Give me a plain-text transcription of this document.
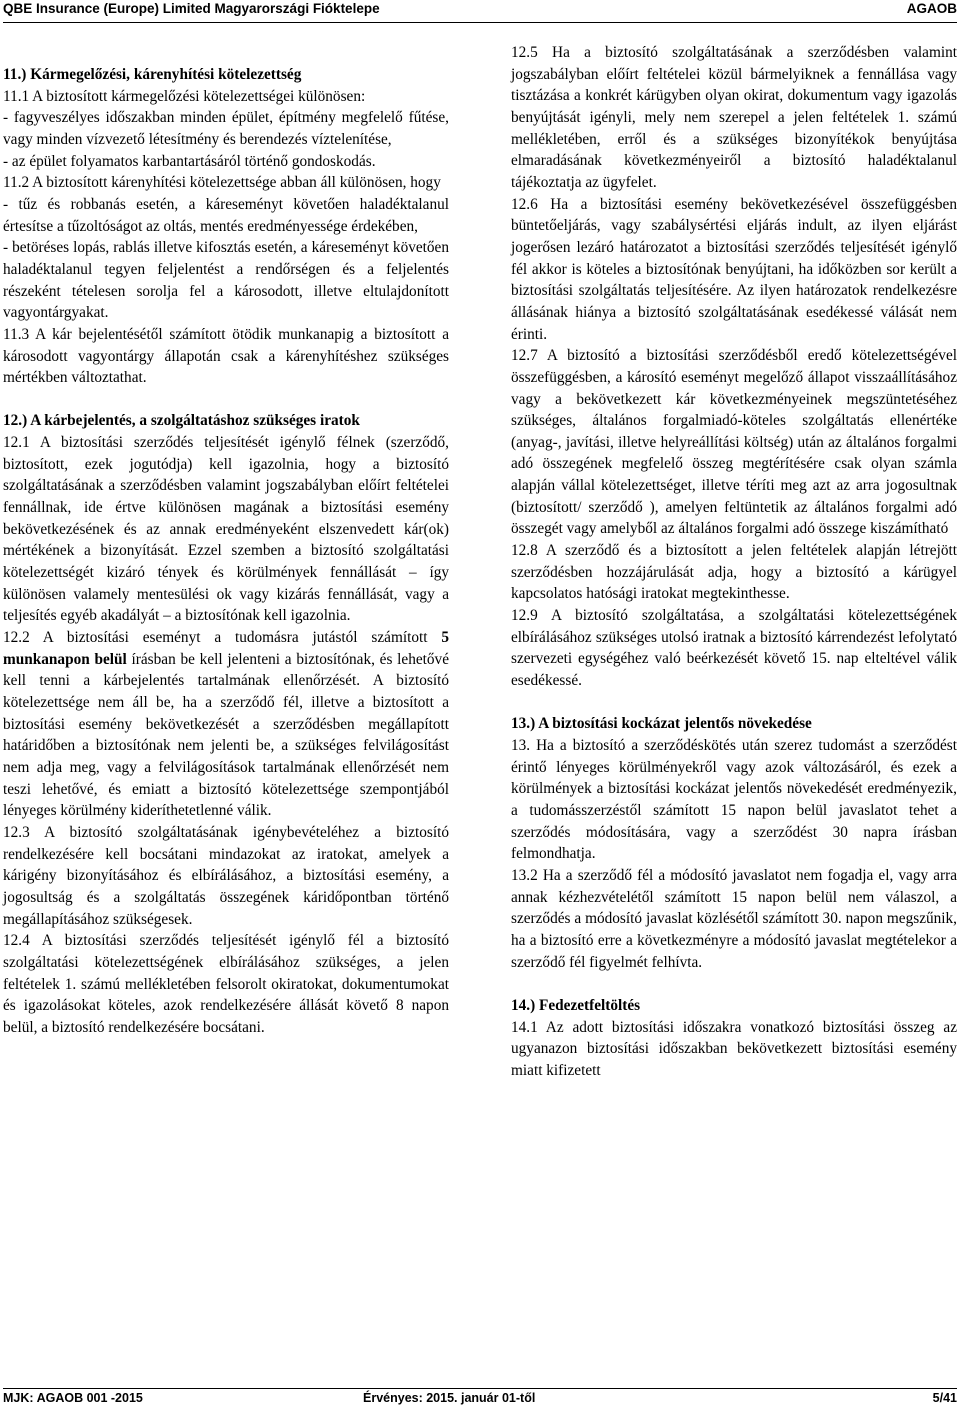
QBE Insurance (Europe) Limited Magyarországi Fióktelepe	AGAOB
11.) Kármegelőzési, kárenyhítési kötelezettség

11.1 A biztosított kármegelőzési kötelezettségei különösen:

- fagyveszélyes időszakban minden épület, építmény megfelelő fűtése, vagy minden vízvezető létesítmény és berendezés víztelenítése,

- az épület folyamatos karbantartásáról történő gondoskodás.

11.2 A biztosított kárenyhítési kötelezettsége abban áll különösen, hogy

- tűz és robbanás esetén, a káreseményt követően haladéktalanul értesítse a tűzoltóságot az oltás, mentés eredményessége érdekében,

- betöréses lopás, rablás illetve kifosztás esetén, a káreseményt követően haladéktalanul tegyen feljelentést a rendőrségen és a feljelentés részeként tételesen sorolja fel a károsodott, illetve eltulajdonított vagyontárgyakat.

11.3 A kár bejelentésétől számított ötödik munkanapig a biztosított a károsodott vagyontárgy állapotán csak a kárenyhítéshez szükséges mértékben változtathat.

12.) A kárbejelentés, a szolgáltatáshoz szükséges iratok

12.1 A biztosítási szerződés teljesítését igénylő félnek (szerződő, biztosított, ezek jogutódja) kell igazolnia, hogy a biztosító szolgáltatásának a szerződésben valamint jogszabályban előírt feltételei fennállnak, ide értve különösen magának a biztosítási esemény bekövetkezésének és az annak eredményeként elszenvedett kár(ok) mértékének a bizonyítását. Ezzel szemben a biztosító szolgáltatási kötelezettségét kizáró tények és körülmények fennállását – így különösen valamely mentesülési ok vagy kizárás fennállását, vagy a teljesítés egyéb akadályát – a biztosítónak kell igazolnia.

12.2 A biztosítási eseményt a tudomásra jutástól számított 5 munkanapon belül írásban be kell jelenteni a biztosítónak, és lehetővé kell tenni a kárbejelentés tartalmának ellenőrzését. A biztosító kötelezettsége nem áll be, ha a szerződő fél, illetve a biztosított a biztosítási esemény bekövetkezését a szerződésben megállapított határidőben a biztosítónak nem jelenti be, a szükséges felvilágosítást nem adja meg, vagy a felvilágosítások tartalmának ellenőrzését nem teszi lehetővé, és emiatt a biztosító kötelezettsége szempontjából lényeges körülmény kideríthetetlenné válik.

12.3 A biztosító szolgáltatásának igénybevételéhez a biztosító rendelkezésére kell bocsátani mindazokat az iratokat, amelyek a kárigény bizonyításához és elbírálásához, a biztosítási esemény, a jogosultság és a szolgáltatás összegének káridőpontban történő megállapításához szükségesek.

12.4 A biztosítási szerződés teljesítését igénylő fél a biztosító szolgáltatási kötelezettségének elbírálásához szükséges, a jelen feltételek 1. számú mellékletében felsorolt okiratokat, dokumentumokat és igazolásokat köteles, azok rendelkezésére állását követő 8 napon belül, a biztosító rendelkezésére bocsátani.

12.5 Ha a biztosító szolgáltatásának a szerződésben valamint jogszabályban előírt feltételei közül bármelyiknek a fennállása vagy tisztázása a konkrét kárügyben olyan okirat, dokumentum vagy igazolás benyújtását igényli, mely nem szerepel a jelen feltételek 1. számú mellékletében, erről és a szükséges bizonyítékok benyújtása elmaradásának következményeiről a biztosító haladéktalanul tájékoztatja az ügyfelet.

12.6 Ha a biztosítási esemény bekövetkezésével összefüggésben büntetőeljárás, vagy szabálysértési eljárás indult, az ilyen eljárást jogerősen lezáró határozatot a biztosítási szerződés teljesítését igénylő fél akkor is köteles a biztosítónak benyújtani, ha időközben sor került a biztosítási szolgáltatás teljesítésére. Az ilyen határozatok rendelkezésre állásának hiánya a biztosító szolgáltatásának esedékessé válását nem érinti.

12.7 A biztosító a biztosítási szerződésből eredő kötelezettségével összefüggésben, a károsító eseményt megelőző állapot visszaállításához vagy a bekövetkezett kár következményeinek megszüntetéséhez szükséges, általános forgalmiadó-köteles szolgáltatás ellenértéke (anyag-, javítási, illetve helyreállítási költség) után az általános forgalmi adó összegének megfelelő összeg megtérítésére csak olyan számla alapján vállal kötelezettséget, illetve téríti meg azt az arra jogosultnak (biztosított/ szerződő ), amelyen feltüntetik az általános forgalmi adó összegét vagy amelyből az általános forgalmi adó összege kiszámítható

12.8 A szerződő és a biztosított a jelen feltételek alapján létrejött szerződésben hozzájárulását adja, hogy a biztosító a kárügyel kapcsolatos hatósági iratokat megtekinthesse.

12.9 A biztosító szolgáltatása, a szolgáltatási kötelezettségének elbírálásához szükséges utolsó iratnak a biztosító kárrendezést lefolytató szervezeti egységéhez való beérkezését követő 15. nap elteltével válik esedékessé.

13.) A biztosítási kockázat jelentős növekedése

13. Ha a biztosító a szerződéskötés után szerez tudomást a szerződést érintő lényeges körülményekről vagy azok változásáról, és ezek a körülmények a biztosítási kockázat jelentős növekedését eredményezik, a tudomásszerzéstől számított 15 napon belül javaslatot tehet a szerződés módosítására, vagy a szerződést 30 napra írásban felmondhatja.

13.2 Ha a szerződő fél a módosító javaslatot nem fogadja el, vagy arra annak kézhezvételétől számított 15 napon belül nem válaszol, a szerződés a módosító javaslat közlésétől számított 30. napon megszűnik, ha a biztosító erre a következményre a módosító javaslat megtételekor a szerződő fél figyelmét felhívta.

14.) Fedezetfeltöltés

14.1 Az adott biztosítási időszakra vonatkozó biztosítási összeg az ugyanazon biztosítási időszakban bekövetkezett biztosítási esemény miatt kifizetett

MJK: AGAOB 001 -2015	Érvényes: 2015. január 01-től	5/41
